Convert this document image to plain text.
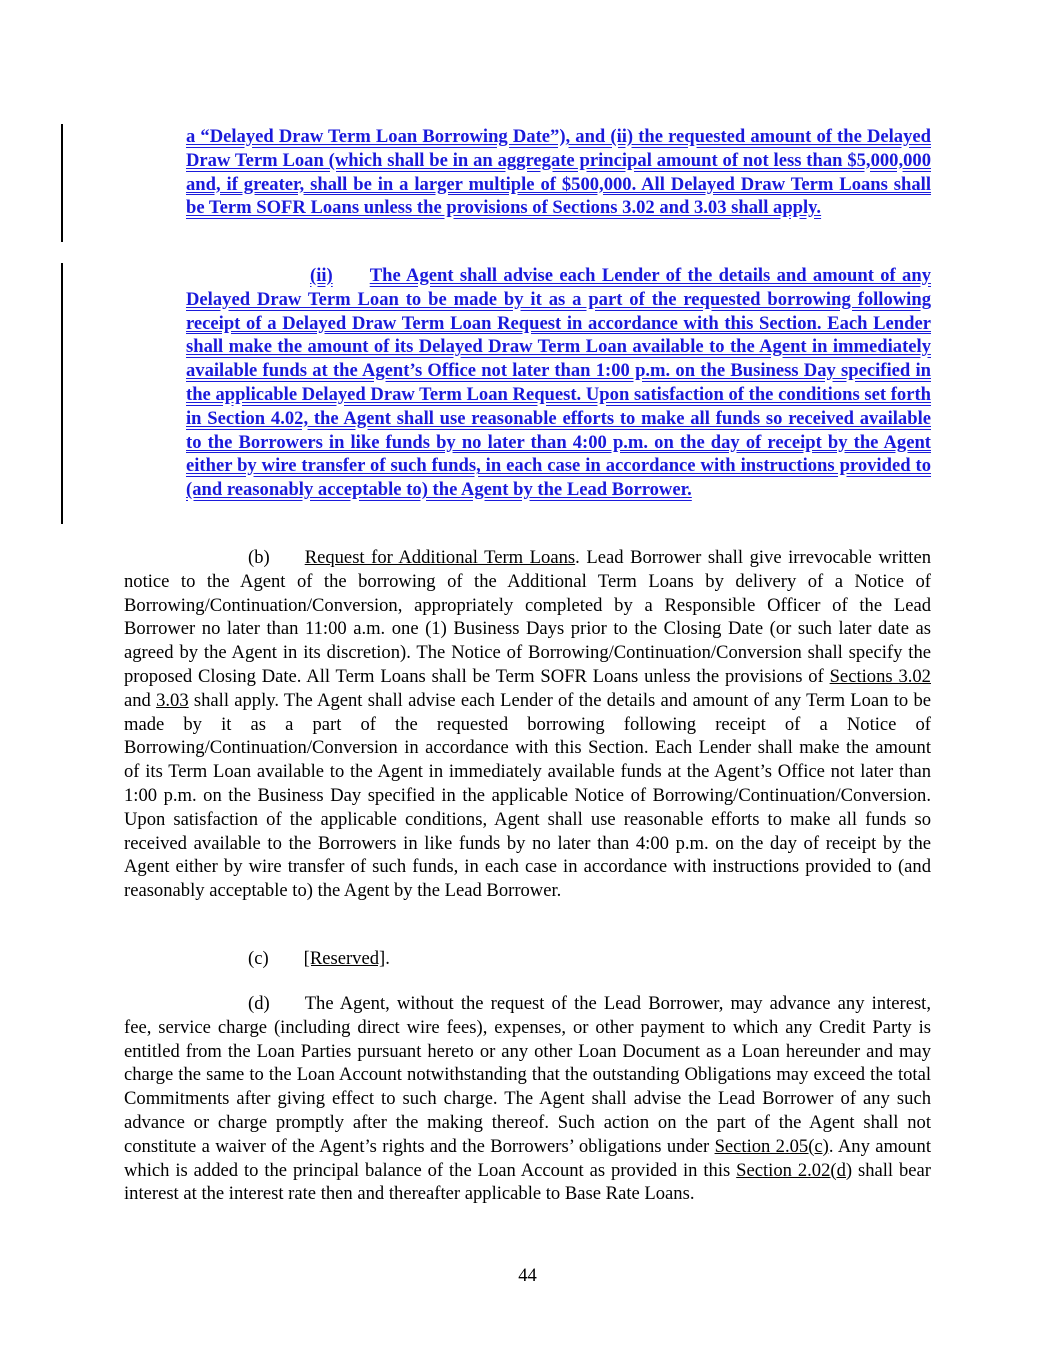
a “Delayed Draw Term Loan Borrowing Date”), and (ii) the requested amount of the Delayed Draw Term Loan (which shall be in an aggregate principal amount of not less than $5,000,000 and, if greater, shall be in a larger multiple of $500,000. All Delayed Draw Term Loans shall be Term SOFR Loans unless the provisions of Sections 3.02 and 3.03 shall apply.

(ii) The Agent shall advise each Lender of the details and amount of any Delayed Draw Term Loan to be made by it as a part of the requested borrowing following receipt of a Delayed Draw Term Loan Request in accordance with this Section. Each Lender shall make the amount of its Delayed Draw Term Loan available to the Agent in immediately available funds at the Agent’s Office not later than 1:00 p.m. on the Business Day specified in the applicable Delayed Draw Term Loan Request. Upon satisfaction of the conditions set forth in Section 4.02, the Agent shall use reasonable efforts to make all funds so received available to the Borrowers in like funds by no later than 4:00 p.m. on the day of receipt by the Agent either by wire transfer of such funds, in each case in accordance with instructions provided to (and reasonably acceptable to) the Agent by the Lead Borrower.

(b) Request for Additional Term Loans. Lead Borrower shall give irrevocable written notice to the Agent of the borrowing of the Additional Term Loans by delivery of a Notice of Borrowing/Continuation/Conversion, appropriately completed by a Responsible Officer of the Lead Borrower no later than 11:00 a.m. one (1) Business Days prior to the Closing Date (or such later date as agreed by the Agent in its discretion). The Notice of Borrowing/Continuation/Conversion shall specify the proposed Closing Date. All Term Loans shall be Term SOFR Loans unless the provisions of Sections 3.02 and 3.03 shall apply. The Agent shall advise each Lender of the details and amount of any Term Loan to be made by it as a part of the requested borrowing following receipt of a Notice of Borrowing/Continuation/Conversion in accordance with this Section. Each Lender shall make the amount of its Term Loan available to the Agent in immediately available funds at the Agent’s Office not later than 1:00 p.m. on the Business Day specified in the applicable Notice of Borrowing/Continuation/Conversion. Upon satisfaction of the applicable conditions, Agent shall use reasonable efforts to make all funds so received available to the Borrowers in like funds by no later than 4:00 p.m. on the day of receipt by the Agent either by wire transfer of such funds, in each case in accordance with instructions provided to (and reasonably acceptable to) the Agent by the Lead Borrower.

(c) [Reserved].

(d) The Agent, without the request of the Lead Borrower, may advance any interest, fee, service charge (including direct wire fees), expenses, or other payment to which any Credit Party is entitled from the Loan Parties pursuant hereto or any other Loan Document as a Loan hereunder and may charge the same to the Loan Account notwithstanding that the outstanding Obligations may exceed the total Commitments after giving effect to such charge. The Agent shall advise the Lead Borrower of any such advance or charge promptly after the making thereof. Such action on the part of the Agent shall not constitute a waiver of the Agent’s rights and the Borrowers’ obligations under Section 2.05(c). Any amount which is added to the principal balance of the Loan Account as provided in this Section 2.02(d) shall bear interest at the interest rate then and thereafter applicable to Base Rate Loans.

44
